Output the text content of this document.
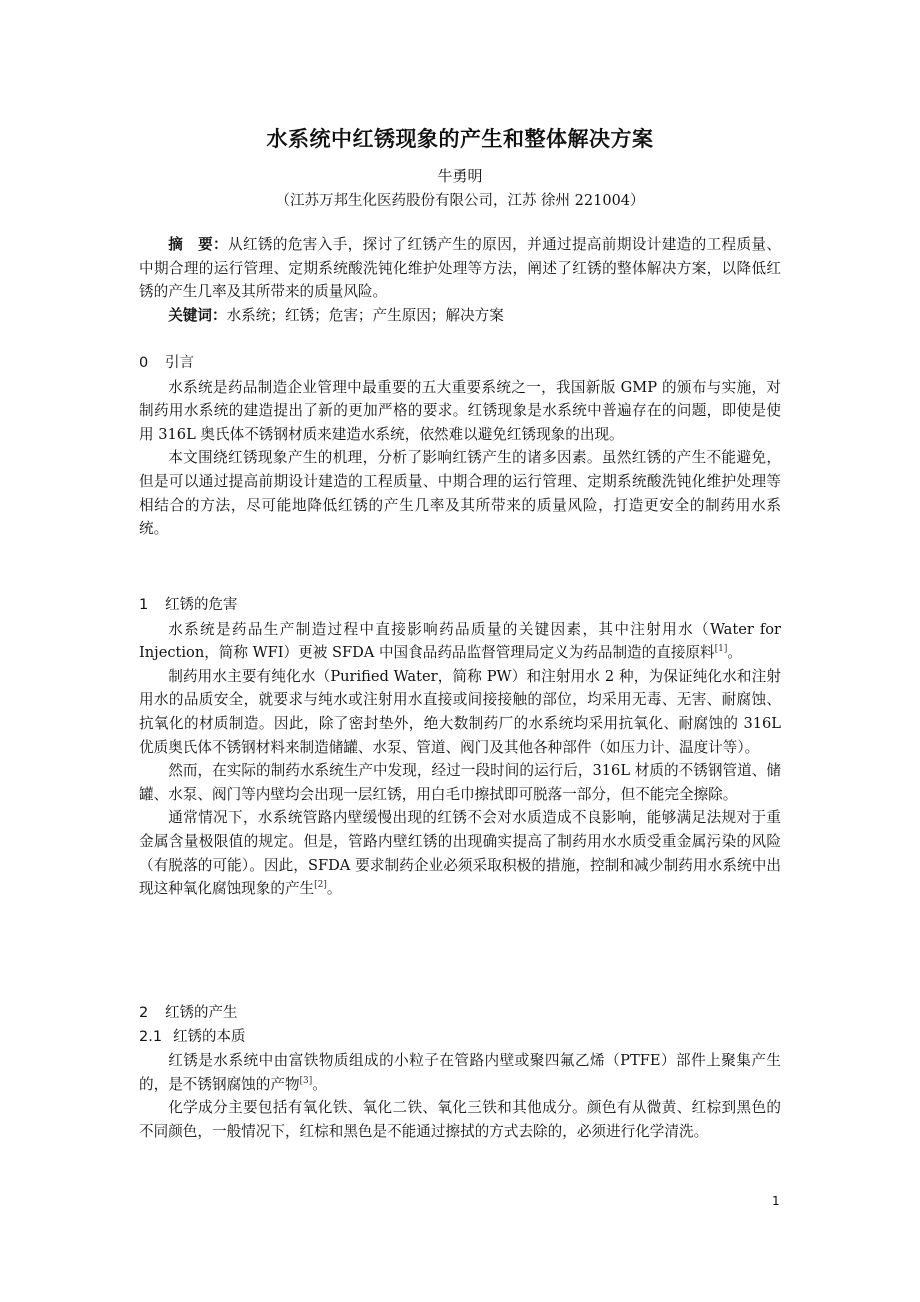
水系统中红锈现象的产生和整体解决方案
牛勇明
（江苏万邦生化医药股份有限公司，江苏 徐州 221004）

摘　要：从红锈的危害入手，探讨了红锈产生的原因，并通过提高前期设计建造的工程质量、中期合理的运行管理、定期系统酸洗钝化维护处理等方法，阐述了红锈的整体解决方案，以降低红锈的产生几率及其所带来的质量风险。

关键词：水系统；红锈；危害；产生原因；解决方案

0 引言

水系统是药品制造企业管理中最重要的五大重要系统之一，我国新版 GMP 的颁布与实施，对制药用水系统的建造提出了新的更加严格的要求。红锈现象是水系统中普遍存在的问题，即使是使用 316L 奥氏体不锈钢材质来建造水系统，依然难以避免红锈现象的出现。

本文围绕红锈现象产生的机理，分析了影响红锈产生的诸多因素。虽然红锈的产生不能避免，但是可以通过提高前期设计建造的工程质量、中期合理的运行管理、定期系统酸洗钝化维护处理等相结合的方法，尽可能地降低红锈的产生几率及其所带来的质量风险，打造更安全的制药用水系统。

1 红锈的危害

水系统是药品生产制造过程中直接影响药品质量的关键因素，其中注射用水（Water for Injection，简称 WFI）更被 SFDA 中国食品药品监督管理局定义为药品制造的直接原料[1]。

制药用水主要有纯化水（Purified Water，简称 PW）和注射用水 2 种，为保证纯化水和注射用水的品质安全，就要求与纯水或注射用水直接或间接接触的部位，均采用无毒、无害、耐腐蚀、抗氧化的材质制造。因此，除了密封垫外，绝大数制药厂的水系统均采用抗氧化、耐腐蚀的 316L 优质奥氏体不锈钢材料来制造储罐、水泵、管道、阀门及其他各种部件（如压力计、温度计等）。

然而，在实际的制药水系统生产中发现，经过一段时间的运行后，316L 材质的不锈钢管道、储罐、水泵、阀门等内壁均会出现一层红锈，用白毛巾擦拭即可脱落一部分，但不能完全擦除。

通常情况下，水系统管路内壁缓慢出现的红锈不会对水质造成不良影响，能够满足法规对于重金属含量极限值的规定。但是，管路内壁红锈的出现确实提高了制药用水水质受重金属污染的风险（有脱落的可能）。因此，SFDA 要求制药企业必须采取积极的措施，控制和减少制药用水系统中出现这种氧化腐蚀现象的产生[2]。

2 红锈的产生

2.1 红锈的本质

红锈是水系统中由富铁物质组成的小粒子在管路内壁或聚四氟乙烯（PTFE）部件上聚集产生的，是不锈钢腐蚀的产物[3]。

化学成分主要包括有氧化铁、氧化二铁、氧化三铁和其他成分。颜色有从微黄、红棕到黑色的不同颜色，一般情况下，红棕和黑色是不能通过擦拭的方式去除的，必须进行化学清洗。

1
